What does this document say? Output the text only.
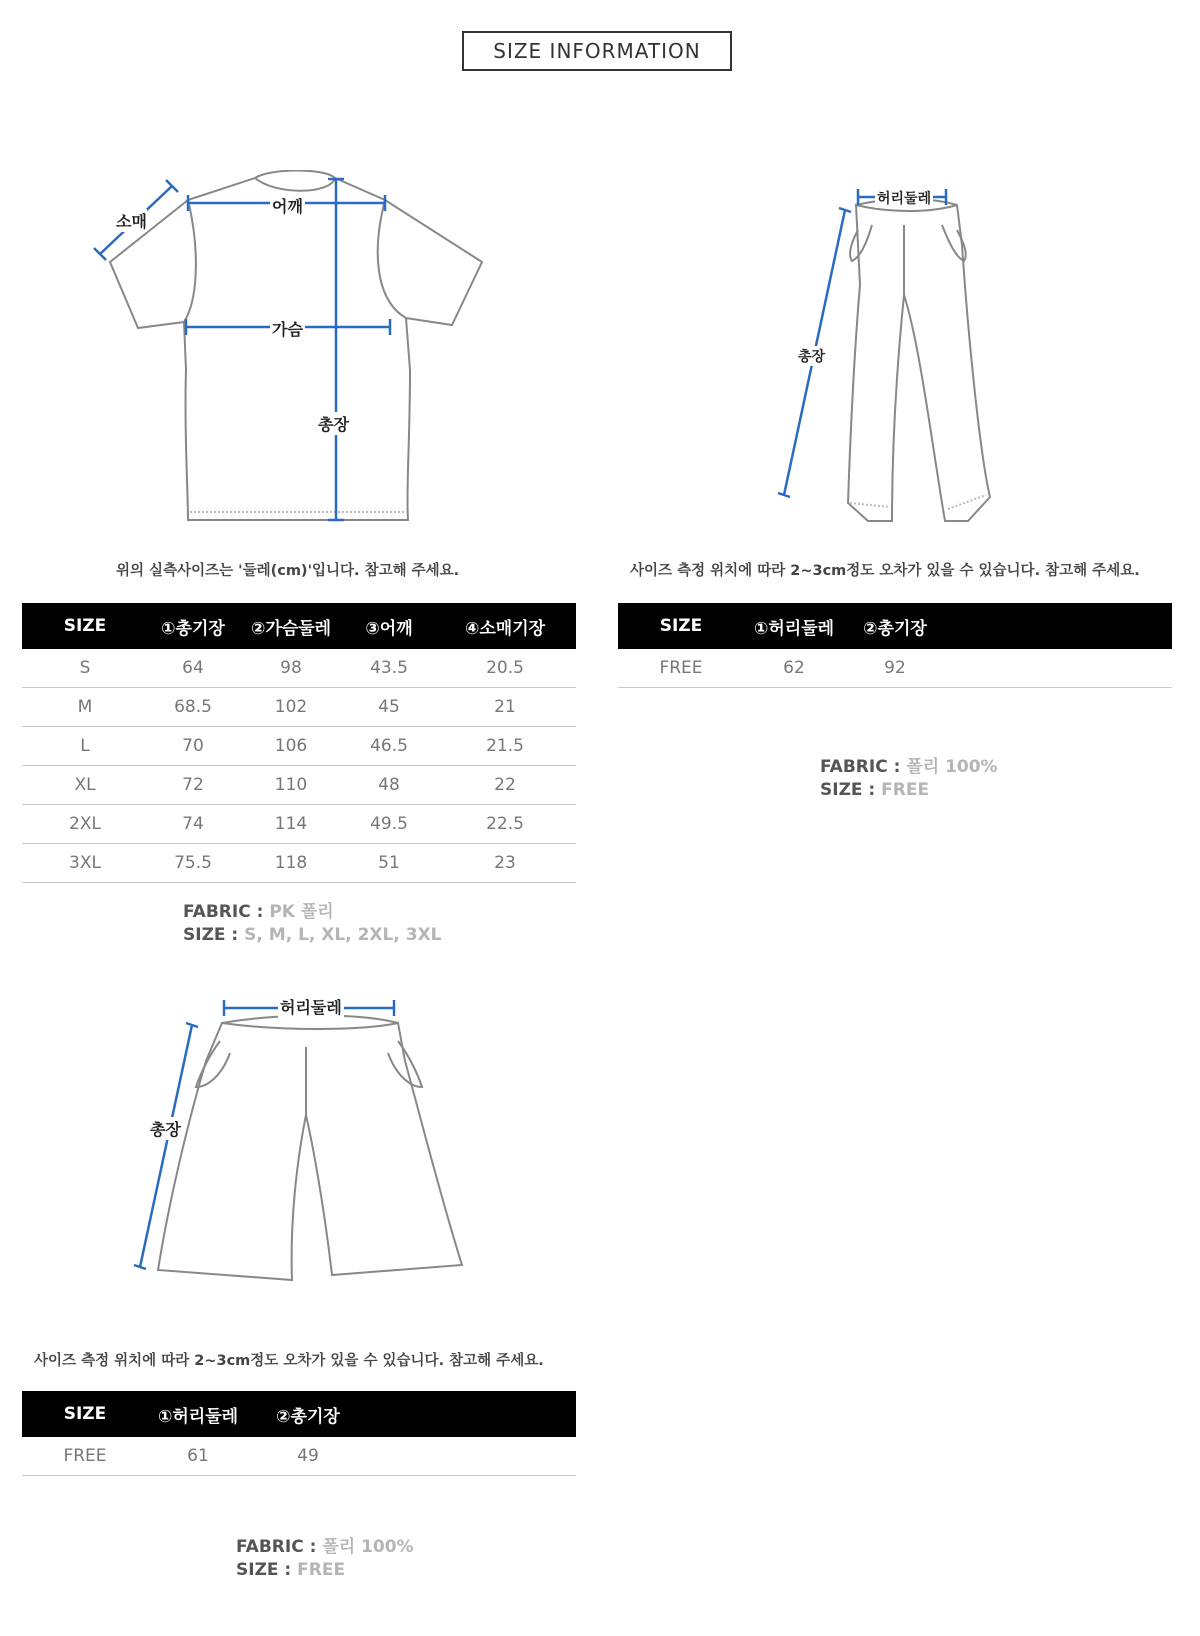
SIZE INFORMATION
소매
어깨
가슴
총장
위의 실측사이즈는 '둘레(cm)'입니다. 참고해 주세요.
SIZE	①총기장	②가슴둘레	③어깨	④소매기장
S	64	98	43.5	20.5
M	68.5	102	45	21
L	70	106	46.5	21.5
XL	72	110	48	22
2XL	74	114	49.5	22.5
3XL	75.5	118	51	23
FABRIC : PK 폴리
SIZE : S, M, L, XL, 2XL, 3XL
허리둘레
총장
사이즈 측정 위치에 따라 2~3cm정도 오차가 있을 수 있습니다. 참고해 주세요.
SIZE	①허리둘레	②총기장	
FREE	62	92	
FABRIC : 폴리 100%
SIZE : FREE
허리둘레
총장
사이즈 측정 위치에 따라 2~3cm정도 오차가 있을 수 있습니다. 참고해 주세요.
SIZE	①허리둘레	②총기장	
FREE	61	49	
FABRIC : 폴리 100%
SIZE : FREE
